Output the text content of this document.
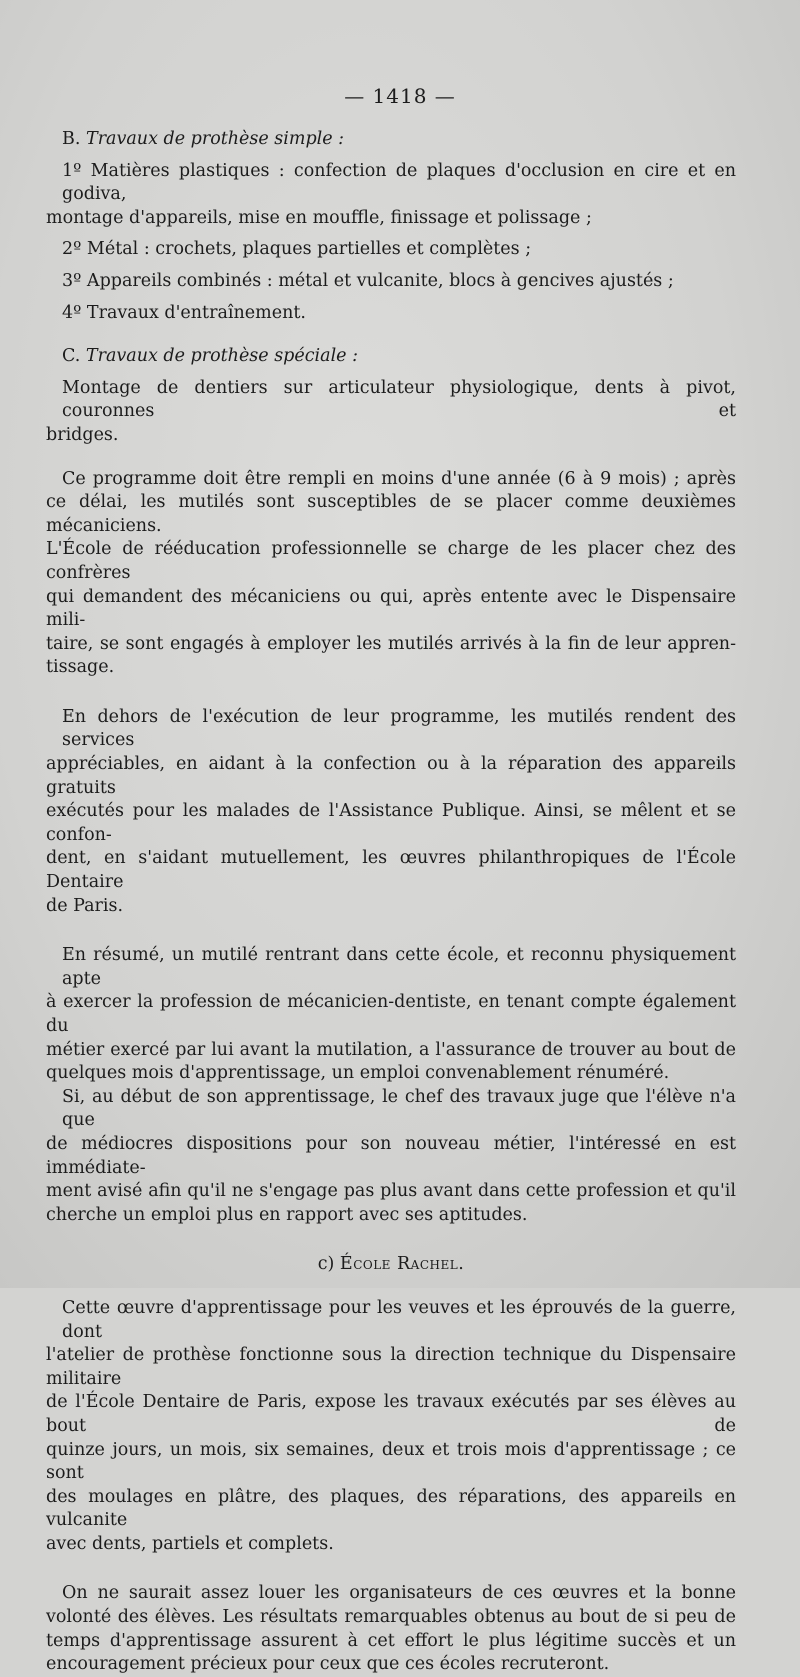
— 1418 —
B. Travaux de prothèse simple :
1º Matières plastiques : confection de plaques d'occlusion en cire et en godiva,
montage d'appareils, mise en mouffle, finissage et polissage ;
2º Métal : crochets, plaques partielles et complètes ;
3º Appareils combinés : métal et vulcanite, blocs à gencives ajustés ;
4º Travaux d'entraînement.
C. Travaux de prothèse spéciale :
Montage de dentiers sur articulateur physiologique, dents à pivot, couronnes et
bridges.
Ce programme doit être rempli en moins d'une année (6 à 9 mois) ; après
ce délai, les mutilés sont susceptibles de se placer comme deuxièmes mécaniciens.
L'École de rééducation professionnelle se charge de les placer chez des confrères
qui demandent des mécaniciens ou qui, après entente avec le Dispensaire mili-
taire, se sont engagés à employer les mutilés arrivés à la fin de leur appren-
tissage.
En dehors de l'exécution de leur programme, les mutilés rendent des services
appréciables, en aidant à la confection ou à la réparation des appareils gratuits
exécutés pour les malades de l'Assistance Publique. Ainsi, se mêlent et se confon-
dent, en s'aidant mutuellement, les œuvres philanthropiques de l'École Dentaire
de Paris.
En résumé, un mutilé rentrant dans cette école, et reconnu physiquement apte
à exercer la profession de mécanicien-dentiste, en tenant compte également du
métier exercé par lui avant la mutilation, a l'assurance de trouver au bout de
quelques mois d'apprentissage, un emploi convenablement rénuméré.
Si, au début de son apprentissage, le chef des travaux juge que l'élève n'a que
de médiocres dispositions pour son nouveau métier, l'intéressé en est immédiate-
ment avisé afin qu'il ne s'engage pas plus avant dans cette profession et qu'il
cherche un emploi plus en rapport avec ses aptitudes.
c) École Rachel.
Cette œuvre d'apprentissage pour les veuves et les éprouvés de la guerre, dont
l'atelier de prothèse fonctionne sous la direction technique du Dispensaire militaire
de l'École Dentaire de Paris, expose les travaux exécutés par ses élèves au bout de
quinze jours, un mois, six semaines, deux et trois mois d'apprentissage ; ce sont
des moulages en plâtre, des plaques, des réparations, des appareils en vulcanite
avec dents, partiels et complets.
On ne saurait assez louer les organisateurs de ces œuvres et la bonne
volonté des élèves. Les résultats remarquables obtenus au bout de si peu de
temps d'apprentissage assurent à cet effort le plus légitime succès et un
encouragement précieux pour ceux que ces écoles recruteront.
